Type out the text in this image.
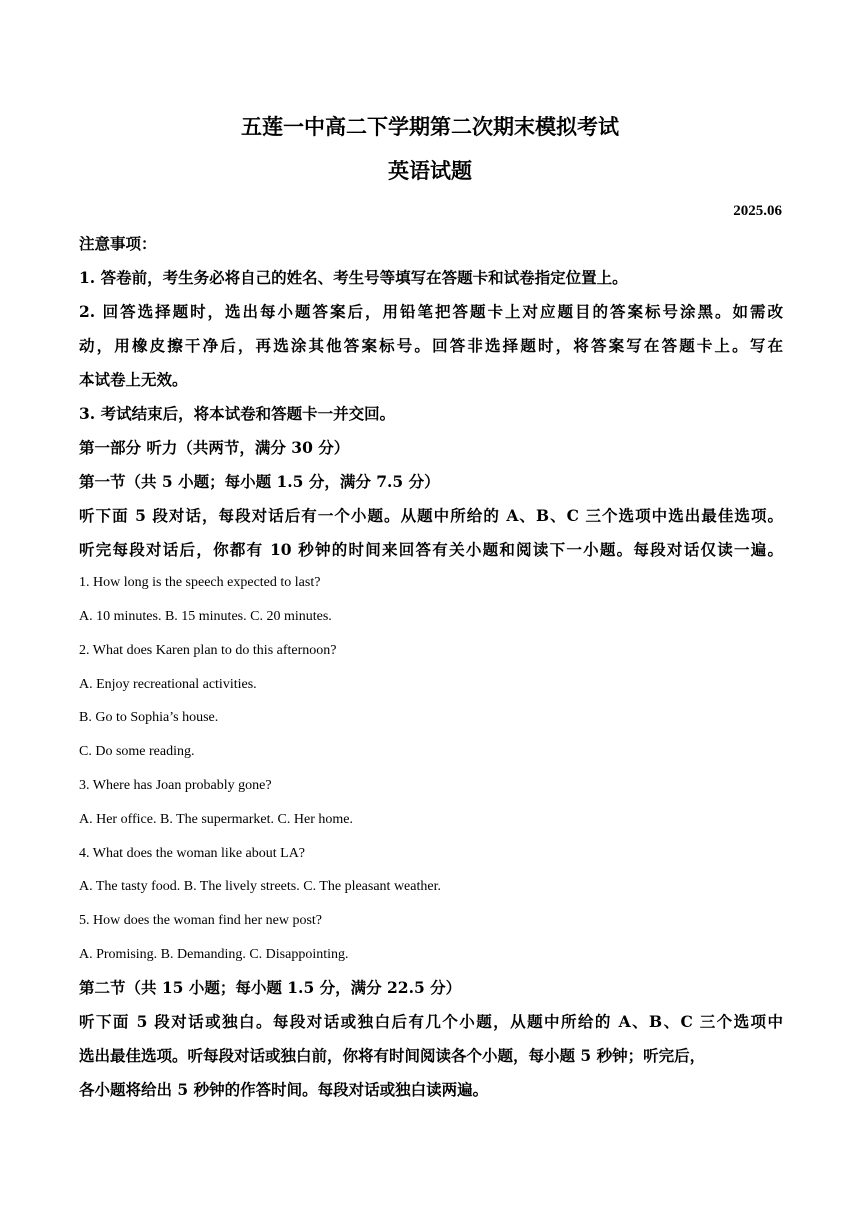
五莲一中高二下学期第二次期末模拟考试
英语试题
2025.06
注意事项：
1. 答卷前，考生务必将自己的姓名、考生号等填写在答题卡和试卷指定位置上。
2. 回答选择题时，选出每小题答案后，用铅笔把答题卡上对应题目的答案标号涂黑。如需改
动，用橡皮擦干净后，再选涂其他答案标号。回答非选择题时，将答案写在答题卡上。写在
本试卷上无效。
3. 考试结束后，将本试卷和答题卡一并交回。
第一部分 听力（共两节，满分 30 分）
第一节（共 5 小题；每小题 1.5 分，满分 7.5 分）
听下面 5 段对话，每段对话后有一个小题。从题中所给的 A、B、C 三个选项中选出最佳选项。
听完每段对话后，你都有 10 秒钟的时间来回答有关小题和阅读下一小题。每段对话仅读一遍。
1. How long is the speech expected to last?
A. 10 minutes. B. 15 minutes. C. 20 minutes.
2. What does Karen plan to do this afternoon?
A. Enjoy recreational activities.
B. Go to Sophia’s house.
C. Do some reading.
3. Where has Joan probably gone?
A. Her office. B. The supermarket. C. Her home.
4. What does the woman like about LA?
A. The tasty food. B. The lively streets. C. The pleasant weather.
5. How does the woman find her new post?
A. Promising. B. Demanding. C. Disappointing.
第二节（共 15 小题；每小题 1.5 分，满分 22.5 分）
听下面 5 段对话或独白。每段对话或独白后有几个小题，从题中所给的 A、B、C 三个选项中
选出最佳选项。听每段对话或独白前，你将有时间阅读各个小题，每小题 5 秒钟；听完后，
各小题将给出 5 秒钟的作答时间。每段对话或独白读两遍。
